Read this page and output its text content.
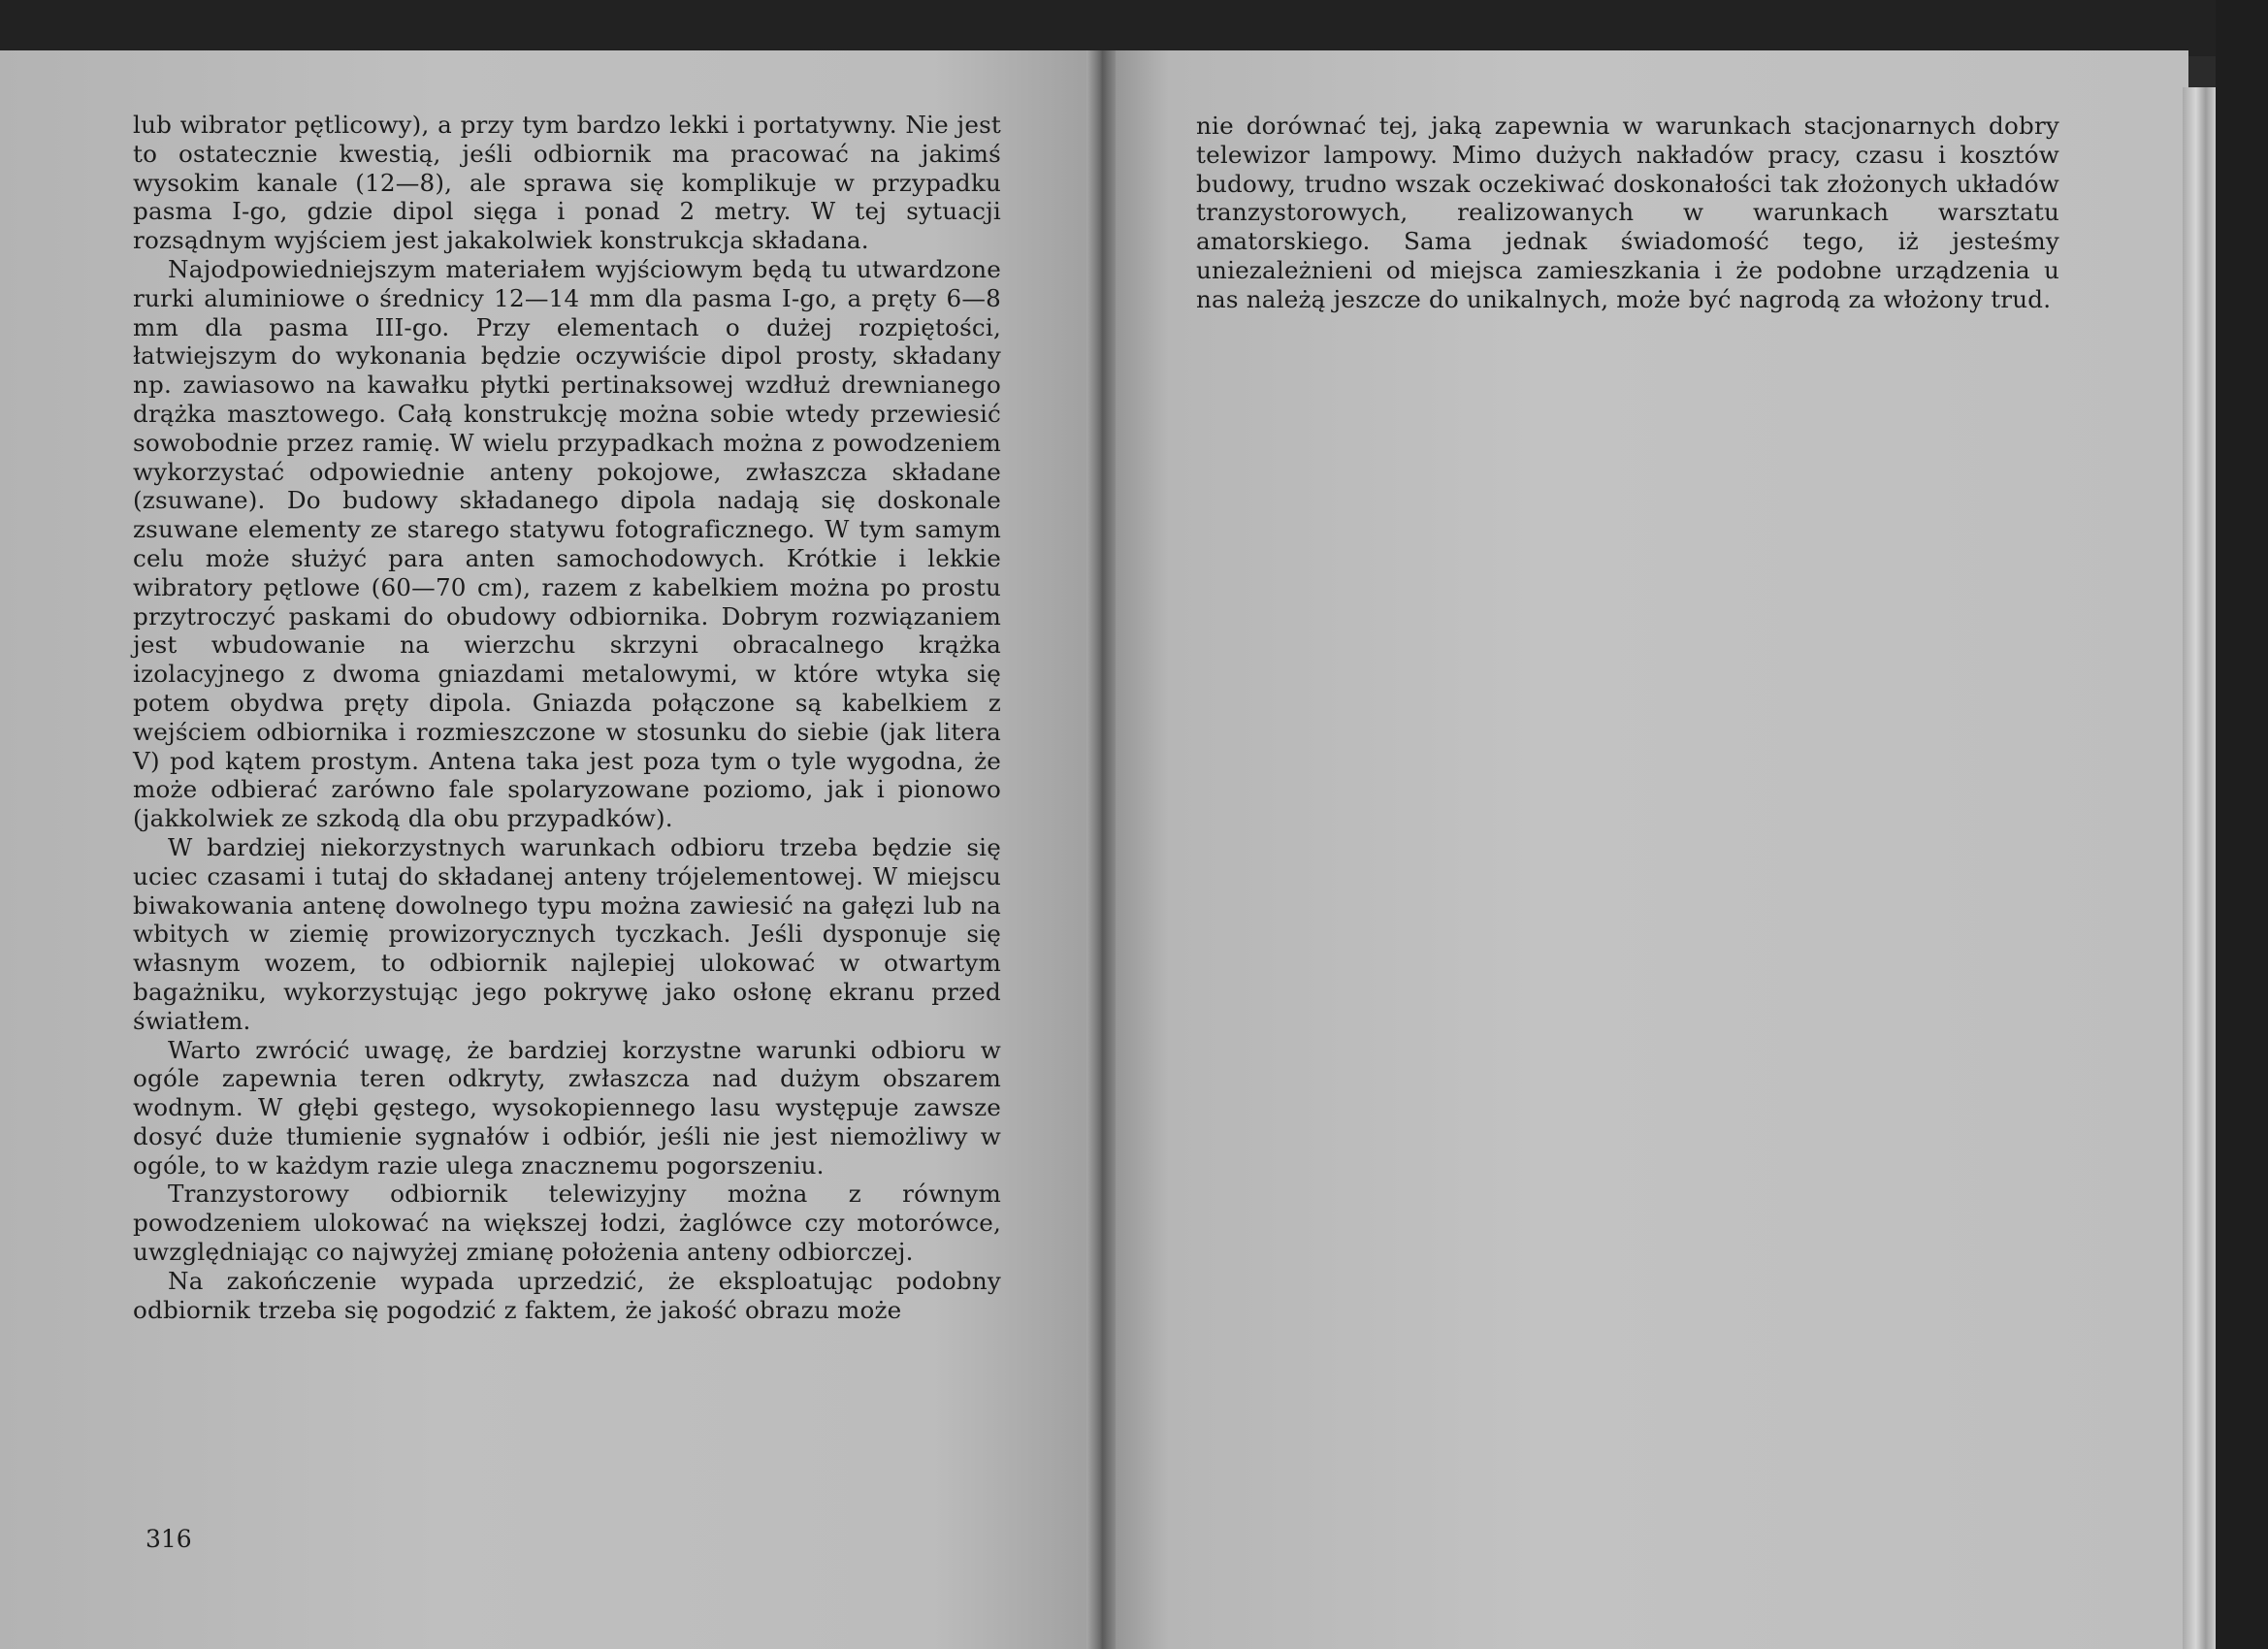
lub wibrator pętlicowy), a przy tym bardzo lekki i portatywny. Nie jest to ostatecznie kwestią, jeśli odbiornik ma pracować na jakimś wysokim kanale (12—8), ale sprawa się komplikuje w przypadku pasma I-go, gdzie dipol sięga i ponad 2 metry. W tej sytuacji rozsądnym wyjściem jest jakakolwiek konstrukcja składana.

Najodpowiedniejszym materiałem wyjściowym będą tu utwardzone rurki aluminiowe o średnicy 12—14 mm dla pasma I-go, a pręty 6—8 mm dla pasma III-go. Przy elementach o dużej rozpiętości, łatwiejszym do wykonania będzie oczywiście dipol prosty, składany np. zawiasowo na kawałku płytki pertinaksowej wzdłuż drewnianego drążka masztowego. Całą konstrukcję można sobie wtedy przewiesić sowobodnie przez ramię. W wielu przypadkach można z powodzeniem wykorzystać odpowiednie anteny pokojowe, zwłaszcza składane (zsuwane). Do budowy składanego dipola nadają się doskonale zsuwane elementy ze starego statywu fotograficznego. W tym samym celu może służyć para anten samochodowych. Krótkie i lekkie wibratory pętlowe (60—70 cm), razem z kabelkiem można po prostu przytroczyć paskami do obudowy odbiornika. Dobrym rozwiązaniem jest wbudowanie na wierzchu skrzyni obracalnego krążka izolacyjnego z dwoma gniazdami metalowymi, w które wtyka się potem obydwa pręty dipola. Gniazda połączone są kabelkiem z wejściem odbiornika i rozmieszczone w stosunku do siebie (jak litera V) pod kątem prostym. Antena taka jest poza tym o tyle wygodna, że może odbierać zarówno fale spolaryzowane poziomo, jak i pionowo (jakkolwiek ze szkodą dla obu przypadków).

W bardziej niekorzystnych warunkach odbioru trzeba będzie się uciec czasami i tutaj do składanej anteny trójelementowej. W miejscu biwakowania antenę dowolnego typu można zawiesić na gałęzi lub na wbitych w ziemię prowizorycznych tyczkach. Jeśli dysponuje się własnym wozem, to odbiornik najlepiej ulokować w otwartym bagażniku, wykorzystując jego pokrywę jako osłonę ekranu przed światłem.

Warto zwrócić uwagę, że bardziej korzystne warunki odbioru w ogóle zapewnia teren odkryty, zwłaszcza nad dużym obszarem wodnym. W głębi gęstego, wysokopiennego lasu występuje zawsze dosyć duże tłumienie sygnałów i odbiór, jeśli nie jest niemożliwy w ogóle, to w każdym razie ulega znacznemu pogorszeniu.

Tranzystorowy odbiornik telewizyjny można z równym powodzeniem ulokować na większej łodzi, żaglówce czy motorówce, uwzględniając co najwyżej zmianę położenia anteny odbiorczej.

Na zakończenie wypada uprzedzić, że eksploatując podobny odbiornik trzeba się pogodzić z faktem, że jakość obrazu może

316

nie dorównać tej, jaką zapewnia w warunkach stacjonarnych dobry telewizor lampowy. Mimo dużych nakładów pracy, czasu i kosztów budowy, trudno wszak oczekiwać doskonałości tak złożonych układów tranzystorowych, realizowanych w warunkach warsztatu amatorskiego. Sama jednak świadomość tego, iż jesteśmy uniezależnieni od miejsca zamieszkania i że podobne urządzenia u nas należą jeszcze do unikalnych, może być nagrodą za włożony trud.
